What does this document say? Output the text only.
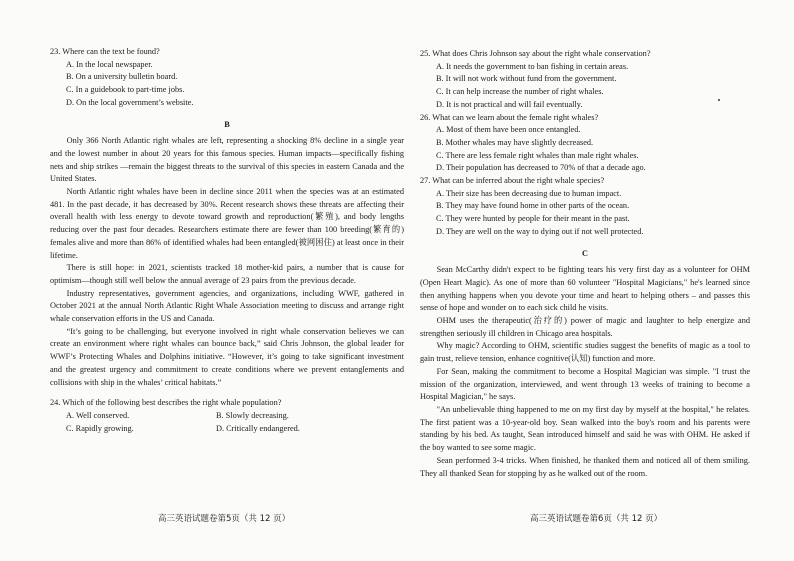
23. Where can the text be found?

A. In the local newspaper.

B. On a university bulletin board.

C. In a guidebook to part-time jobs.

D. On the local government’s website.

B

Only 366 North Atlantic right whales are left, representing a shocking 8% decline in a single year and the lowest number in about 20 years for this famous species. Human impacts—specifically fishing nets and ship strikes —remain the biggest threats to the survival of this species in eastern Canada and the United States.

North Atlantic right whales have been in decline since 2011 when the species was at an estimated 481. In the past decade, it has decreased by 30%. Recent research shows these threats are affecting their overall health with less energy to devote toward growth and reproduction(繁殖), and body lengths reducing over the past four decades. Researchers estimate there are fewer than 100 breeding(繁育的) females alive and more than 86% of identified whales had been entangled(被网困住) at least once in their lifetime.

There is still hope: in 2021, scientists tracked 18 mother-kid pairs, a number that is cause for optimism—though still well below the annual average of 23 pairs from the previous decade.

Industry representatives, government agencies, and organizations, including WWF, gathered in October 2021 at the annual North Atlantic Right Whale Association meeting to discuss and arrange right whale conservation efforts in the US and Canada.

“It’s going to be challenging, but everyone involved in right whale conservation believes we can create an environment where right whales can bounce back,” said Chris Johnson, the global leader for WWF’s Protecting Whales and Dolphins initiative. “However, it’s going to take significant investment and the greatest urgency and commitment to create conditions where we prevent entanglements and collisions with ship in the whales’ critical habitats.”

24. Which of the following best describes the right whale population?

A. Well conserved.	B. Slowly decreasing.
C. Rapidly growing.	D. Critically endangered.

25. What does Chris Johnson say about the right whale conservation?

A. It needs the government to ban fishing in certain areas.

B. It will not work without fund from the government.

C. It can help increase the number of right whales.

D. It is not practical and will fail eventually.

26. What can we learn about the female right whales?

A. Most of them have been once entangled.

B. Mother whales may have slightly decreased.

C. There are less female right whales than male right whales.

D. Their population has decreased to 70% of that a decade ago.

27. What can be inferred about the right whale species?

A. Their size has been decreasing due to human impact.

B. They may have found home in other parts of the ocean.

C. They were hunted by people for their meant in the past.

D. They are well on the way to dying out if not well protected.

C

Sean McCarthy didn't expect to be fighting tears his very first day as a volunteer for OHM (Open Heart Magic). As one of more than 60 volunteer "Hospital Magicians," he's learned since then anything happens when you devote your time and heart to helping others – and passes this sense of hope and wonder on to each sick child he visits.

OHM uses the therapeutic(治疗的) power of magic and laughter to help energize and strengthen seriously ill children in Chicago area hospitals.

Why magic? According to OHM, scientific studies suggest the benefits of magic as a tool to gain trust, relieve tension, enhance cognitive(认知) function and more.

For Sean, making the commitment to become a Hospital Magician was simple. "I trust the mission of the organization, interviewed, and went through 13 weeks of training to become a Hospital Magician," he says.

"An unbelievable thing happened to me on my first day by myself at the hospital," he relates. The first patient was a 10-year-old boy. Sean walked into the boy's room and his parents were standing by his bed. As taught, Sean introduced himself and said he was with OHM. He asked if the boy wanted to see some magic.

Sean performed 3-4 tricks. When finished, he thanked them and noticed all of them smiling. They all thanked Sean for stopping by as he walked out of the room.

高三英语试题卷第5页（共 12 页）	高三英语试题卷第6页（共 12 页）
